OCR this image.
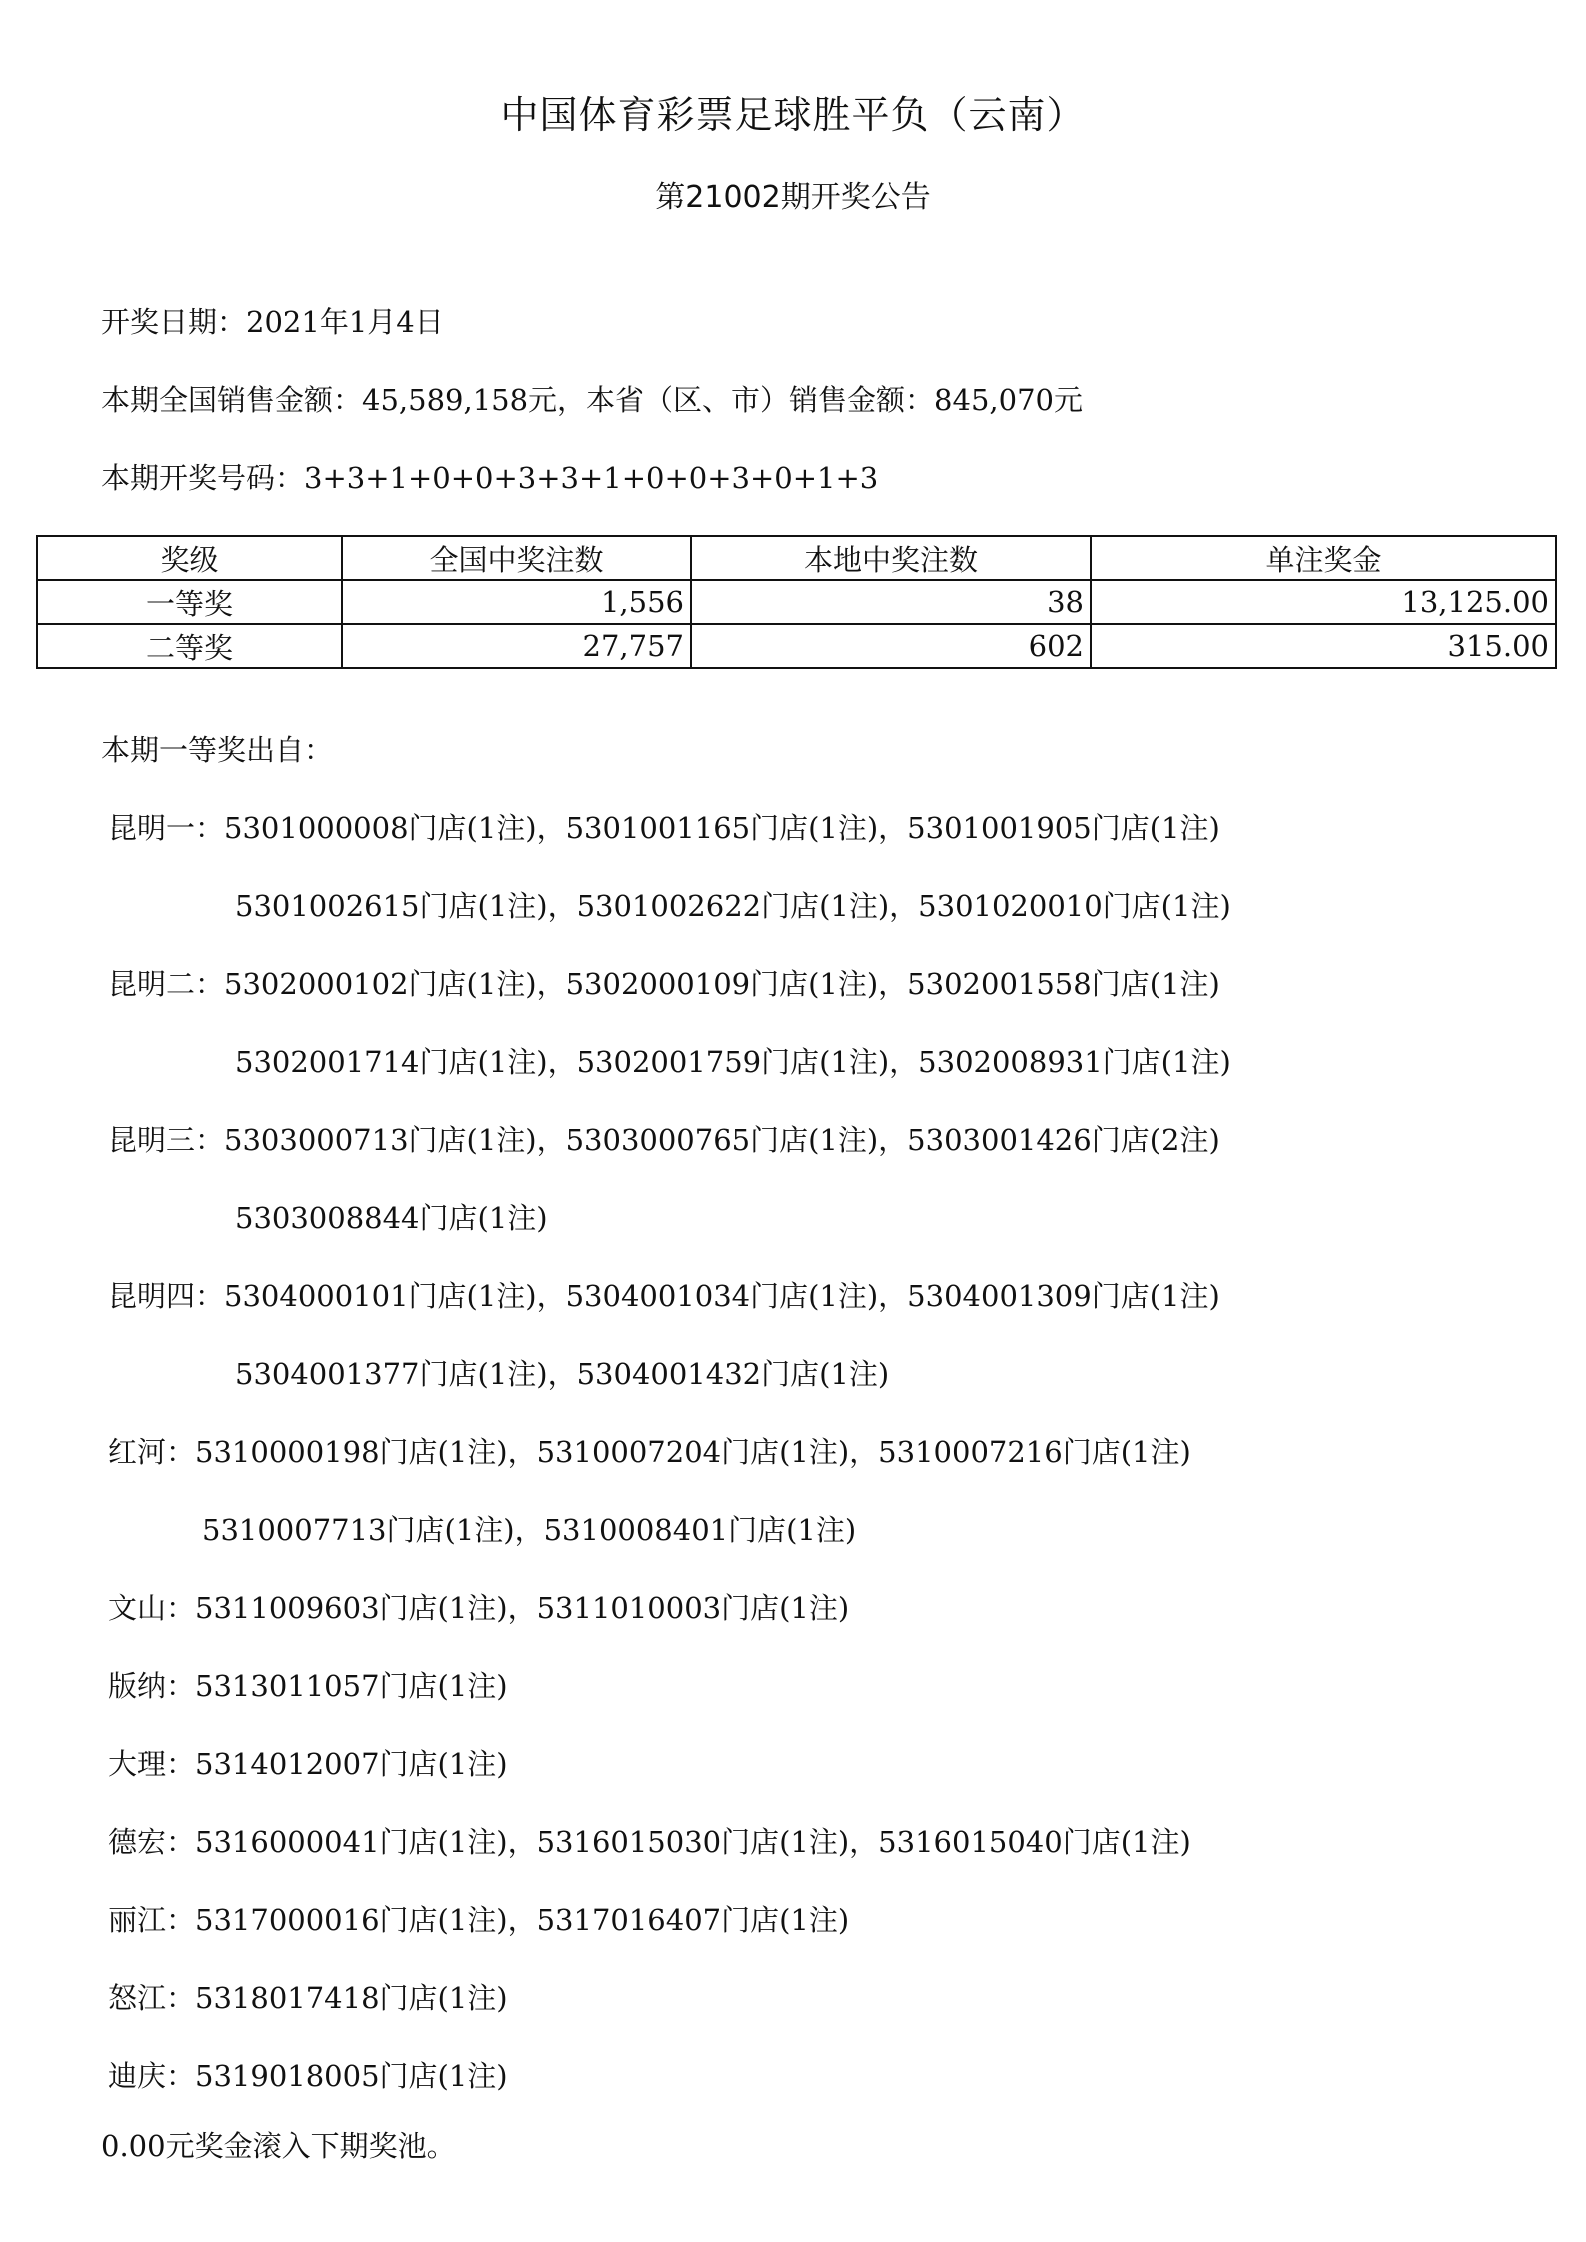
中国体育彩票足球胜平负（云南）
第21002期开奖公告
开奖日期：2021年1月4日
本期全国销售金额：45,589,158元，本省（区、市）销售金额：845,070元
本期开奖号码：3+3+1+0+0+3+3+1+0+0+3+0+1+3
奖级	全国中奖注数	本地中奖注数	单注奖金
一等奖	1,556	38	13,125.00
二等奖	27,757	602	315.00
本期一等奖出自：
昆明一：5301000008门店(1注)，5301001165门店(1注)，5301001905门店(1注)
5301002615门店(1注)，5301002622门店(1注)，5301020010门店(1注)
昆明二：5302000102门店(1注)，5302000109门店(1注)，5302001558门店(1注)
5302001714门店(1注)，5302001759门店(1注)，5302008931门店(1注)
昆明三：5303000713门店(1注)，5303000765门店(1注)，5303001426门店(2注)
5303008844门店(1注)
昆明四：5304000101门店(1注)，5304001034门店(1注)，5304001309门店(1注)
5304001377门店(1注)，5304001432门店(1注)
红河：5310000198门店(1注)，5310007204门店(1注)，5310007216门店(1注)
5310007713门店(1注)，5310008401门店(1注)
文山：5311009603门店(1注)，5311010003门店(1注)
版纳：5313011057门店(1注)
大理：5314012007门店(1注)
德宏：5316000041门店(1注)，5316015030门店(1注)，5316015040门店(1注)
丽江：5317000016门店(1注)，5317016407门店(1注)
怒江：5318017418门店(1注)
迪庆：5319018005门店(1注)
0.00元奖金滚入下期奖池。
